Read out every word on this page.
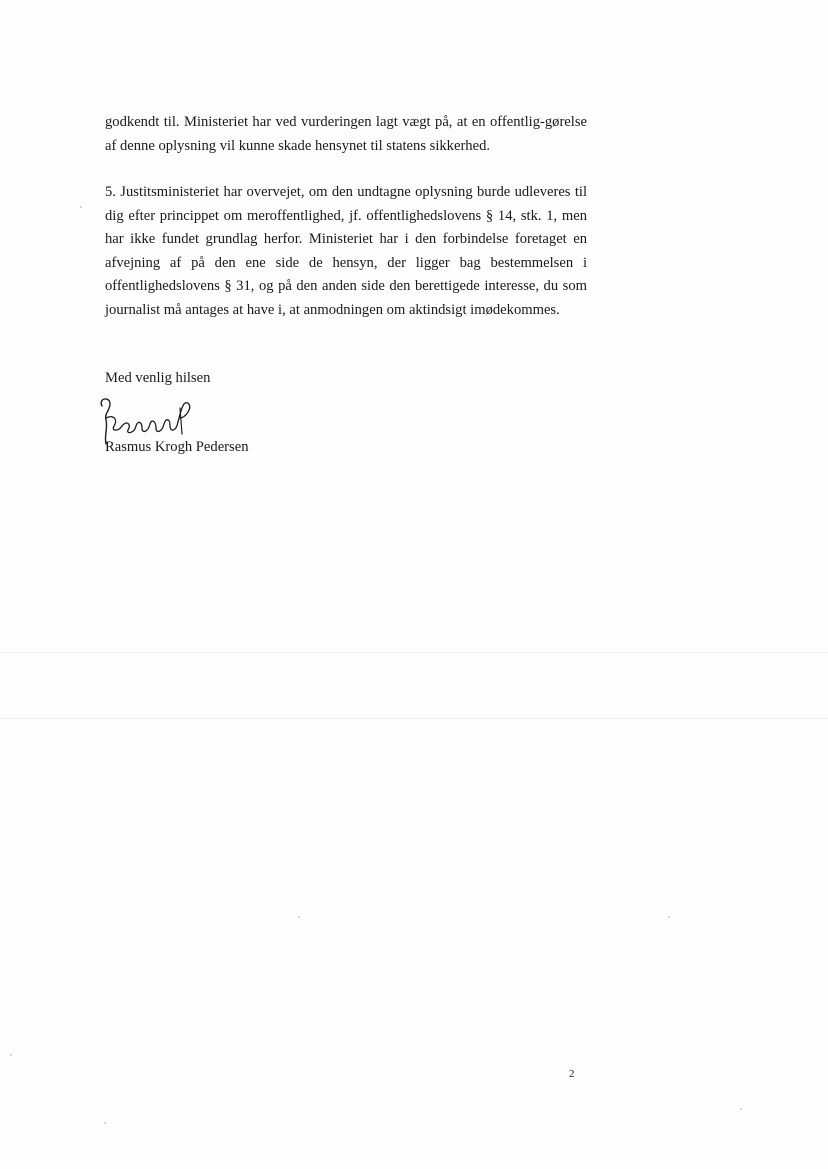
godkendt til. Ministeriet har ved vurderingen lagt vægt på, at en offentlig-gørelse af denne oplysning vil kunne skade hensynet til statens sikkerhed.

5. Justitsministeriet har overvejet, om den undtagne oplysning burde udleveres til dig efter princippet om meroffentlighed, jf. offentlighedslovens § 14, stk. 1, men har ikke fundet grundlag herfor. Ministeriet har i den forbindelse foretaget en afvejning af på den ene side de hensyn, der ligger bag bestemmelsen i offentlighedslovens § 31, og på den anden side den berettigede interesse, du som journalist må antages at have i, at anmodningen om aktindsigt imødekommes.

Med venlig hilsen
Rasmus Krogh Pedersen
2
